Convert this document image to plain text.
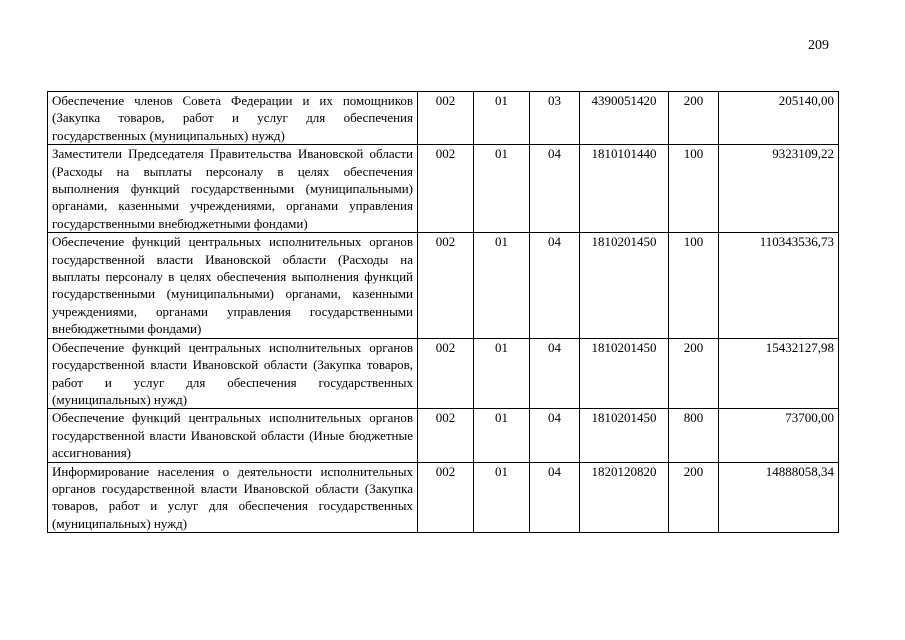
209
Обеспечение членов Совета Федерации и их помощников (Закупка товаров, работ и услуг для обеспечения государственных (муниципальных) нужд)	002	01	03	4390051420	200	205140,00
Заместители Председателя Правительства Ивановской области (Расходы на выплаты персоналу в целях обеспечения выполнения функций государственными (муниципальными) органами, казенными учреждениями, органами управления государственными внебюджетными фондами)	002	01	04	1810101440	100	9323109,22
Обеспечение функций центральных исполнительных органов государственной власти Ивановской области (Расходы на выплаты персоналу в целях обеспечения выполнения функций государственными (муниципальными) органами, казенными учреждениями, органами управления государственными внебюджетными фондами)	002	01	04	1810201450	100	110343536,73
Обеспечение функций центральных исполнительных органов государственной власти Ивановской области (Закупка товаров, работ и услуг для обеспечения государственных (муниципальных) нужд)	002	01	04	1810201450	200	15432127,98
Обеспечение функций центральных исполнительных органов государственной власти Ивановской области (Иные бюджетные ассигнования)	002	01	04	1810201450	800	73700,00
Информирование населения о деятельности исполнительных органов государственной власти Ивановской области (Закупка товаров, работ и услуг для обеспечения государственных (муниципальных) нужд)	002	01	04	1820120820	200	14888058,34
